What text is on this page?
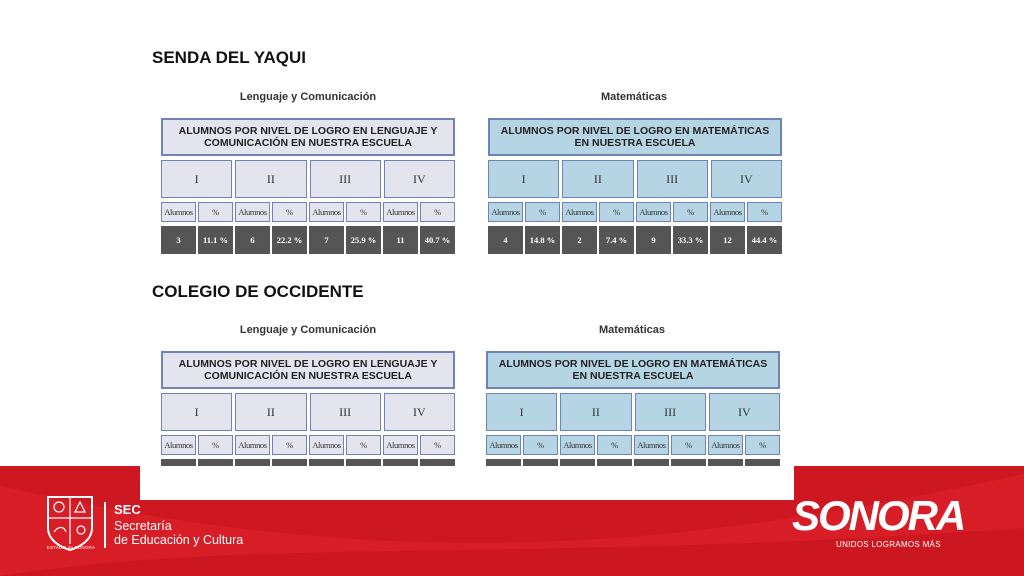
SENDA DEL YAQUI
Lenguaje y Comunicación	Matemáticas
ALUMNOS POR NIVEL DE LOGRO EN LENGUAJE Y COMUNICACIÓN EN NUESTRA ESCUELA
I	II	III	IV
Alumnos	%	Alumnos	%	Alumnos	%	Alumnos	%
3	11.1 %	6	22.2 %	7	25.9 %	11	40.7 %
ALUMNOS POR NIVEL DE LOGRO EN MATEMÁTICAS EN NUESTRA ESCUELA
I	II	III	IV
Alumnos	%	Alumnos	%	Alumnos	%	Alumnos	%
4	14.8 %	2	7.4 %	9	33.3 %	12	44.4 %
COLEGIO DE OCCIDENTE
Lenguaje y Comunicación	Matemáticas
ALUMNOS POR NIVEL DE LOGRO EN LENGUAJE Y COMUNICACIÓN EN NUESTRA ESCUELA
I	II	III	IV
Alumnos	%	Alumnos	%	Alumnos	%	Alumnos	%
ALUMNOS POR NIVEL DE LOGRO EN MATEMÁTICAS EN NUESTRA ESCUELA
I	II	III	IV
Alumnos	%	Alumnos	%	Alumnos	%	Alumnos	%
ESTADO de SONORA
SEC
Secretaría
de Educación y Cultura
SONORA
UNIDOS LOGRAMOS MÁS
